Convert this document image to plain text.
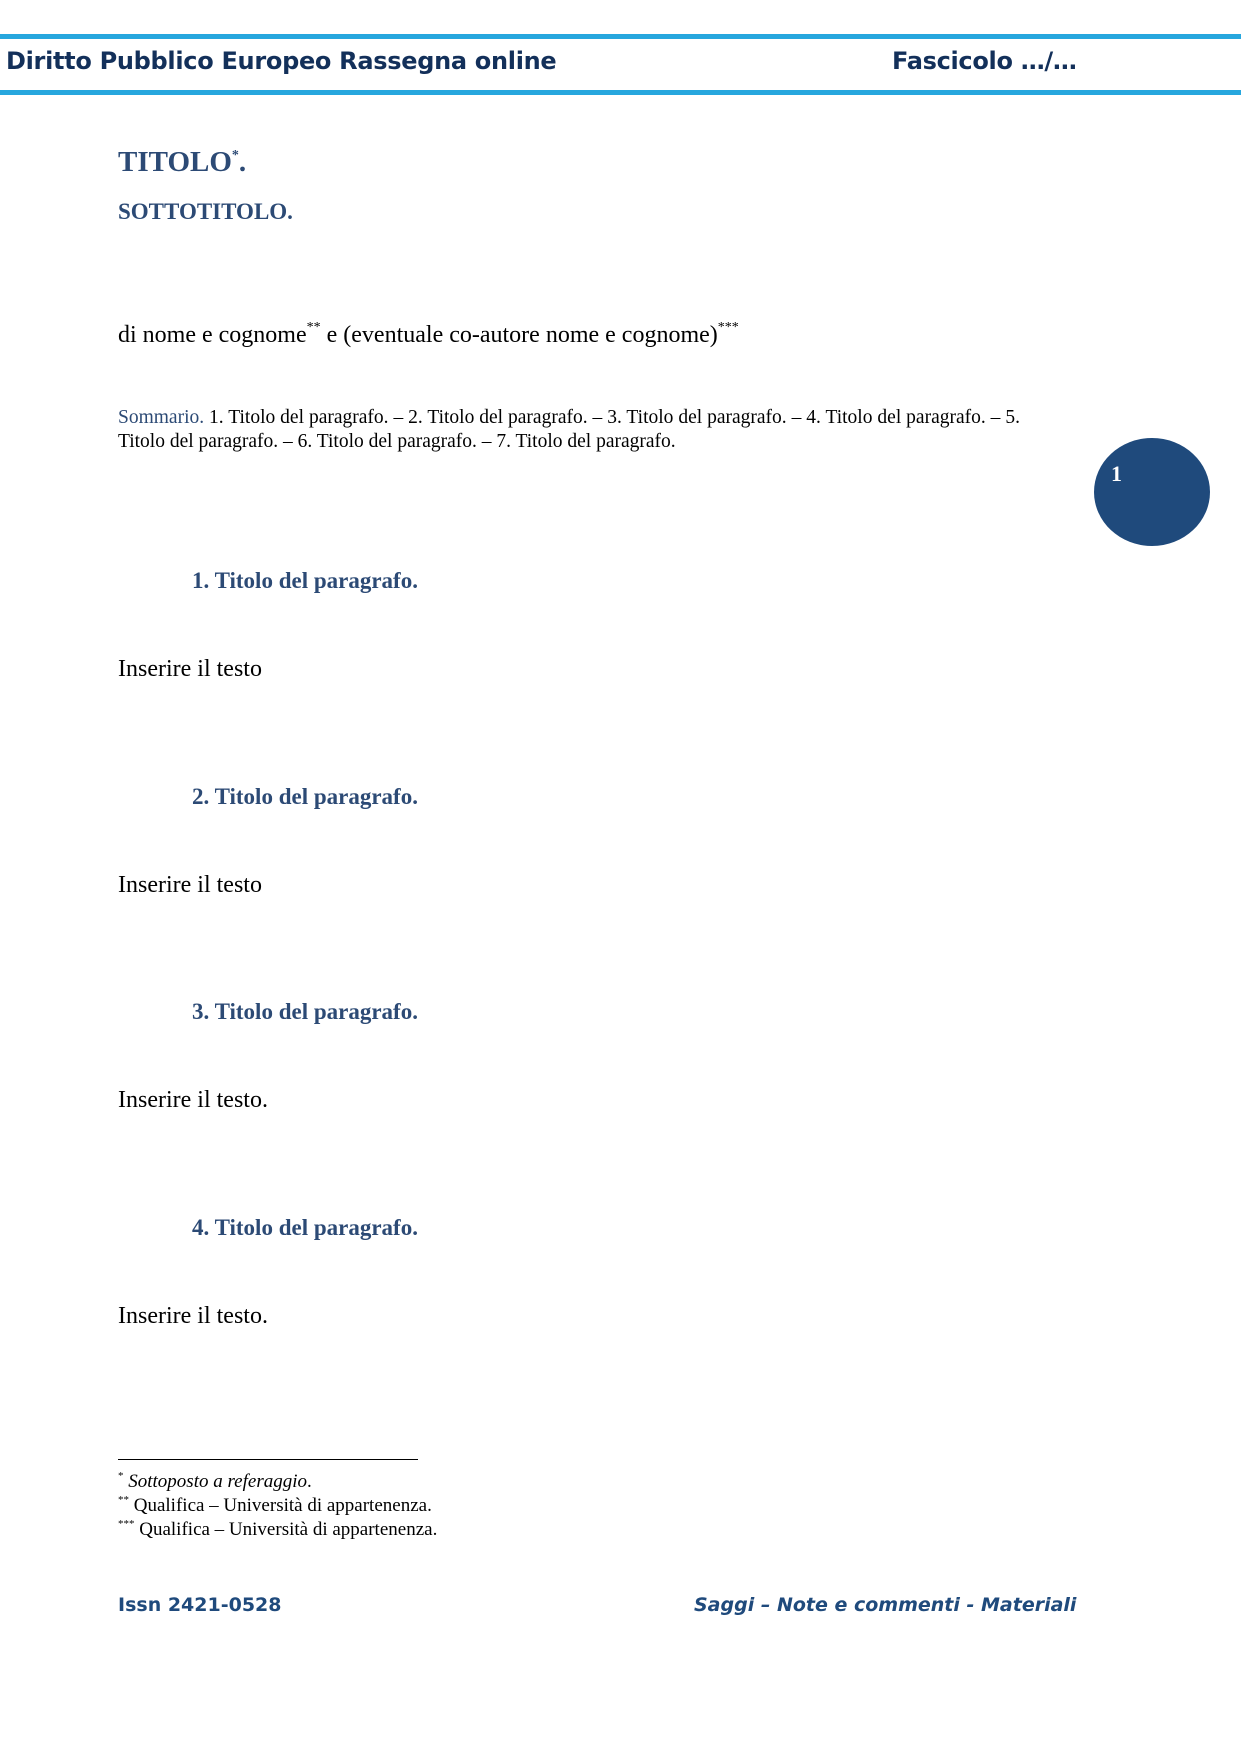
Diritto Pubblico Europeo Rassegna online	Fascicolo …/…
TITOLO*.
SOTTOTITOLO.
di nome e cognome** e (eventuale co-autore nome e cognome)***
Sommario. 1. Titolo del paragrafo. – 2. Titolo del paragrafo. – 3. Titolo del paragrafo. – 4. Titolo del paragrafo. – 5. Titolo del paragrafo. – 6. Titolo del paragrafo. – 7. Titolo del paragrafo.
1
1. Titolo del paragrafo.
Inserire il testo
2. Titolo del paragrafo.
Inserire il testo
3. Titolo del paragrafo.
Inserire il testo.
4. Titolo del paragrafo.
Inserire il testo.
* Sottoposto a referaggio.
** Qualifica – Università di appartenenza.
*** Qualifica – Università di appartenenza.
Issn 2421-0528	Saggi – Note e commenti - Materiali
